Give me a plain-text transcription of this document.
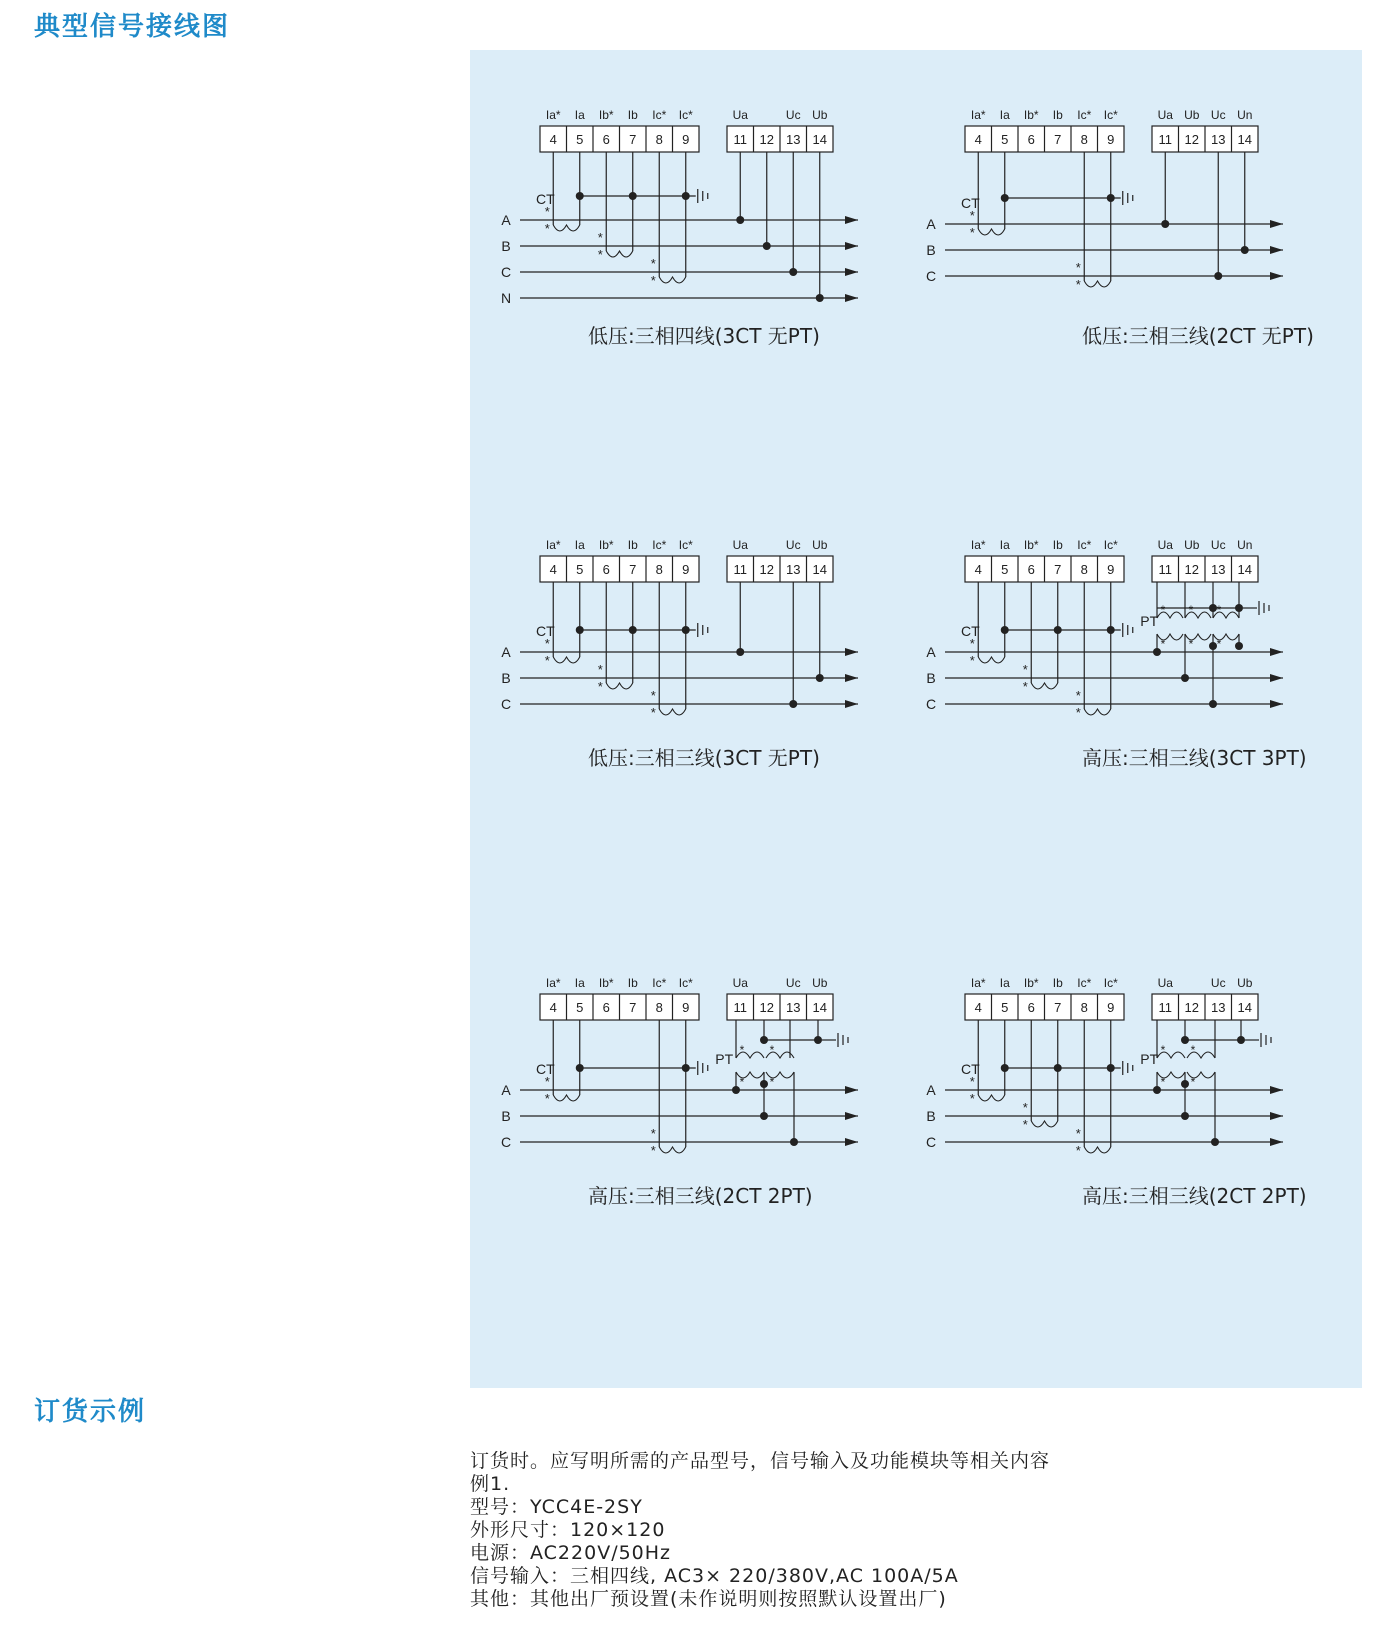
典型信号接线图
4
Ia*
5
Ia
6
Ib*
7
Ib
8
Ic*
9
Ic*
11
Ua
12 13
Uc
14
Ub
A
B
C
N
CT
*
*
*
*
*
*
4
Ia*
5
Ia
6
Ib*
7
Ib
8
Ic*
9
Ic*
11
Ua
12
Ub
13
Uc
14
Un
A
B
C
CT
*
*
*
*
4
Ia*
5
Ia
6
Ib*
7
Ib
8
Ic*
9
Ic*
11
Ua
12 13
Uc
14
Ub
A
B
C
CT
*
*
*
*
*
*
4
Ia*
5
Ia
6
Ib*
7
Ib
8
Ic*
9
Ic*
11
Ua
12
Ub
13
Uc
14
Un
A
B
C
CT
*
*
*
*
*
*
PT
*
*
*
*
*
*
4
Ia*
5
Ia
6
Ib*
7
Ib
8
Ic*
9
Ic*
11
Ua
12 13
Uc
14
Ub
A
B
C
CT
*
*
*
*
PT
*
*
*
*
4
Ia*
5
Ia
6
Ib*
7
Ib
8
Ic*
9
Ic*
11
Ua
12 13
Uc
14
Ub
A
B
C
CT
*
*
*
*
*
*
PT
*
*
*
*
低压:三相四线(3CT 无PT)	低压:三相三线(2CT 无PT)
低压:三相三线(3CT 无PT)	高压:三相三线(3CT 3PT)
高压:三相三线(2CT 2PT)	高压:三相三线(2CT 2PT)
订货示例
订货时。应写明所需的产品型号，信号输入及功能模块等相关内容
例1.
型号：YCC4E-2SY
外形尺寸：120×120
电源：AC220V/50Hz
信号输入：三相四线, AC3× 220/380V,AC 100A/5A
其他：其他出厂预设置(未作说明则按照默认设置出厂)
